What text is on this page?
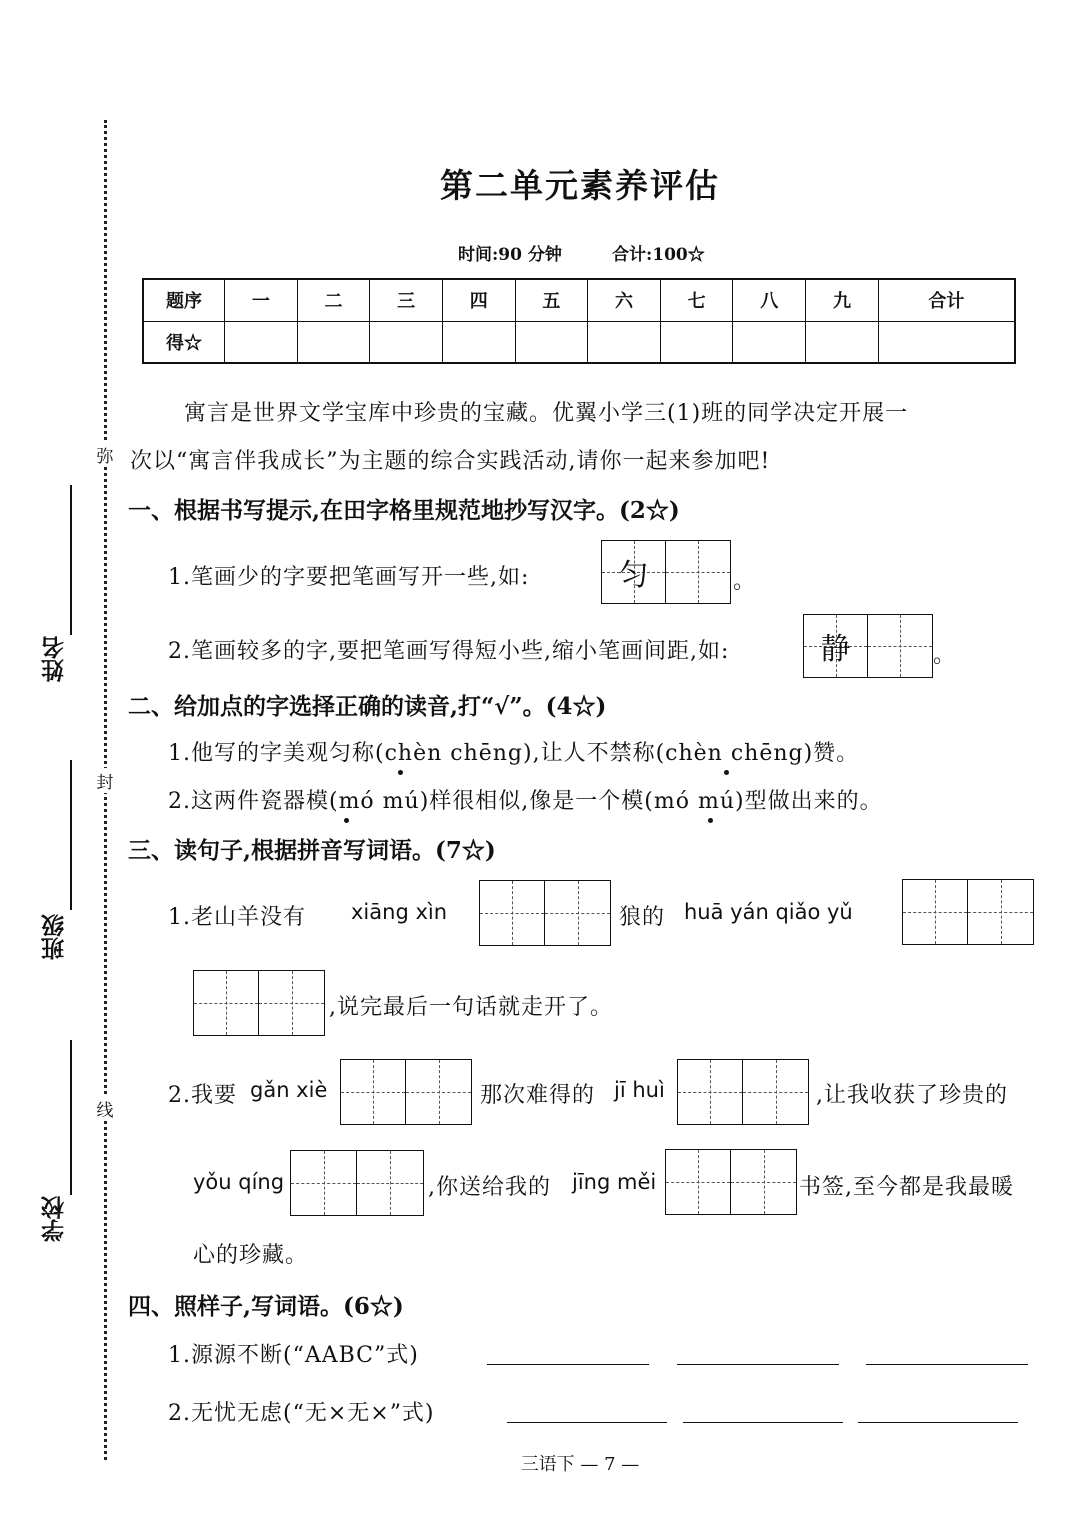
弥
封
线
姓名
班级
学校
第二单元素养评估
时间:90 分钟	合计:100☆
题序	一	二	三	四	五	六	七	八	九	合计
得☆										
寓言是世界文学宝库中珍贵的宝藏。优翼小学三(1)班的同学决定开展一
次以“寓言伴我成长”为主题的综合实践活动,请你一起来参加吧!
一、根据书写提示,在田字格里规范地抄写汉字。(2☆)
1.笔画少的字要把笔画写开一些,如:	匀	。
2.笔画较多的字,要把笔画写得短小些,缩小笔画间距,如:	静	。
二、给加点的字选择正确的读音,打“√”。(4☆)
1.他写的字美观匀称(chèn chēng),让人不禁称(chèn chēng)赞。
2.这两件瓷器模(mó mú)样很相似,像是一个模(mó mú)型做出来的。
三、读句子,根据拼音写词语。(7☆)
1.老山羊没有 xiāng xìn	狼的 huā yán qiǎo yǔ
,说完最后一句话就走开了。
2.我要 gǎn xiè	那次难得的 jī huì	,让我收获了珍贵的
yǒu qíng	,你送给我的 jīng měi	书签,至今都是我最暖
心的珍藏。
四、照样子,写词语。(6☆)
1.源源不断(“AABC”式)
2.无忧无虑(“无×无×”式)
三语下 — 7 —
